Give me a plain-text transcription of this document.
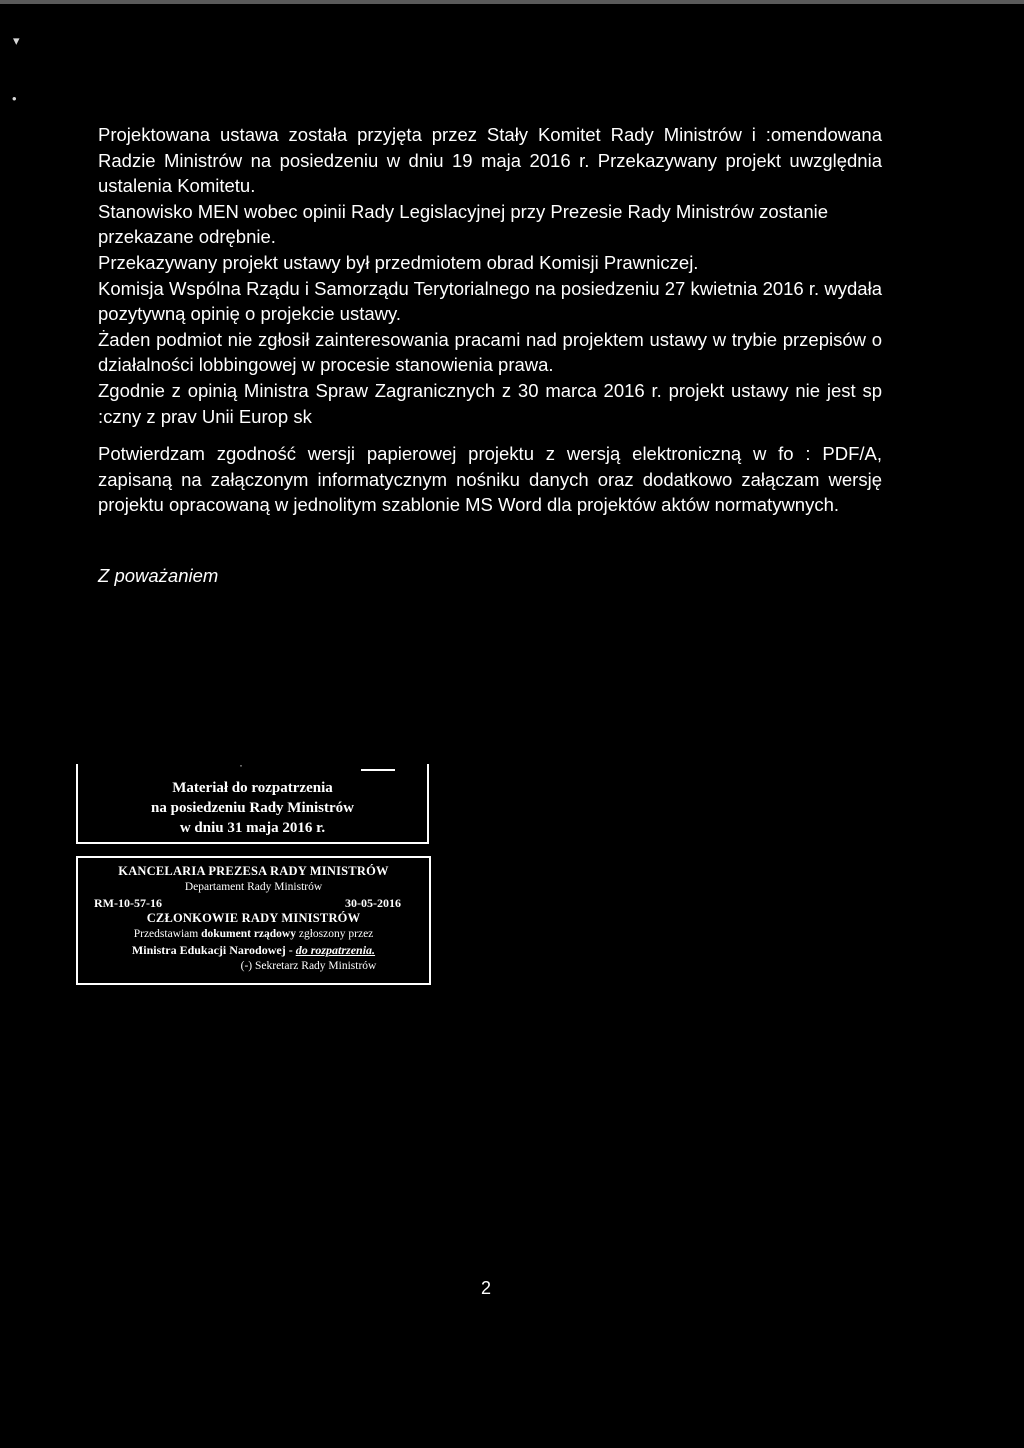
▾
•

Projektowana ustawa została przyjęta przez Stały Komitet Rady Ministrów i :omendowana Radzie Ministrów na posiedzeniu w dniu 19 maja 2016 r. Przekazywany projekt uwzględnia ustalenia Komitetu.

Stanowisko MEN wobec opinii Rady Legislacyjnej przy Prezesie Rady Ministrów zostanie przekazane odrębnie.

Przekazywany projekt ustawy był przedmiotem obrad Komisji Prawniczej.

Komisja Wspólna Rządu i Samorządu Terytorialnego na posiedzeniu 27 kwietnia 2016 r. wydała pozytywną opinię o projekcie ustawy.

Żaden podmiot nie zgłosił zainteresowania pracami nad projektem ustawy w trybie przepisów o działalności lobbingowej w procesie stanowienia prawa.

Zgodnie z opinią Ministra Spraw Zagranicznych z 30 marca 2016 r. projekt ustawy nie jest sp :czny z prav Unii Europ sk

Potwierdzam zgodność wersji papierowej projektu z wersją elektroniczną w fo : PDF/A, zapisaną na załączonym informatycznym nośniku danych oraz dodatkowo załączam wersję projektu opracowaną w jednolitym szablonie MS Word dla projektów aktów normatywnych.

Z poważaniem
·
Materiał do rozpatrzenia
na posiedzeniu Rady Ministrów
w dniu 31 maja 2016 r.
KANCELARIA PREZESA RADY MINISTRÓW
Departament Rady Ministrów
RM-10-57-16	30-05-2016
CZŁONKOWIE RADY MINISTRÓW
Przedstawiam dokument rządowy zgłoszony przez
Ministra Edukacji Narodowej - do rozpatrzenia.
(-) Sekretarz Rady Ministrów
2
